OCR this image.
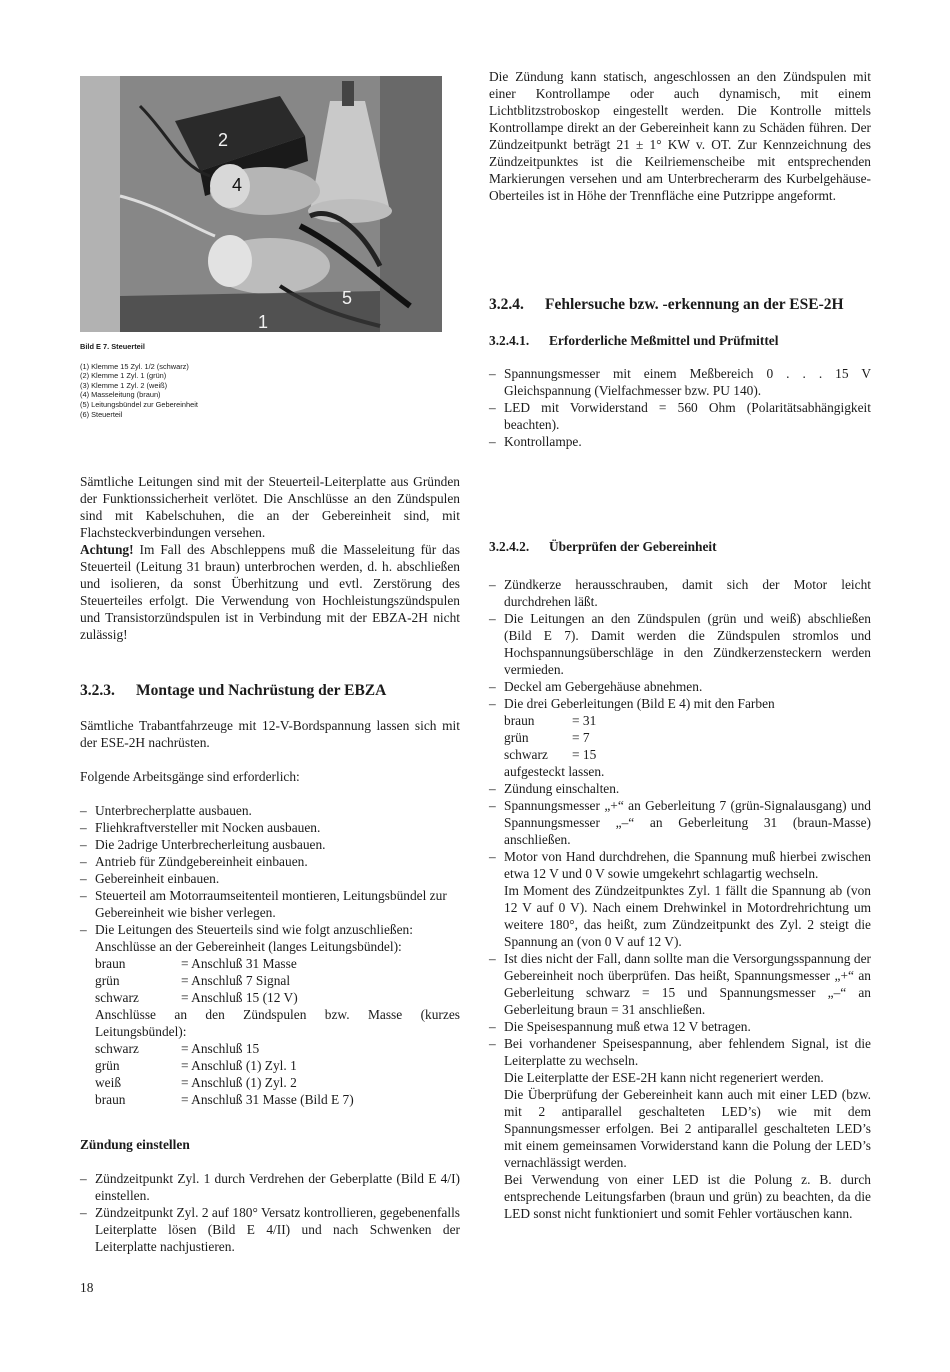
2
4
5
1
Bild E 7. Steuerteil
(1) Klemme 15 Zyl. 1/2 (schwarz)
(2) Klemme 1 Zyl. 1 (grün)
(3) Klemme 1 Zyl. 2 (weiß)
(4) Masseleitung (braun)
(5) Leitungsbündel zur Gebereinheit
(6) Steuerteil

Sämtliche Leitungen sind mit der Steuerteil-Leiterplatte aus Gründen der Funktionssicherheit verlötet. Die Anschlüsse an den Zündspulen sind mit Kabelschuhen, die an der Gebereinheit sind, mit Flachsteckverbindungen versehen.

Achtung! Im Fall des Abschleppens muß die Masseleitung für das Steuerteil (Leitung 31 braun) unterbrochen werden, d. h. abschließen und isolieren, da sonst Überhitzung und evtl. Zerstörung des Steuerteiles erfolgt. Die Verwendung von Hochleistungszündspulen und Transistorzündspulen ist in Verbindung mit der EBZA-2H nicht zulässig!

3.2.3. Montage und Nachrüstung der EBZA

Sämtliche Trabantfahrzeuge mit 12-V-Bordspannung lassen sich mit der ESE-2H nachrüsten.

Folgende Arbeitsgänge sind erforderlich:

– Unterbrecherplatte ausbauen.
– Fliehkraftversteller mit Nocken ausbauen.
– Die 2adrige Unterbrecherleitung ausbauen.
– Antrieb für Zündgebereinheit einbauen.
– Gebereinheit einbauen.
– Steuerteil am Motorraumseitenteil montieren, Leitungsbündel zur Gebereinheit wie bisher verlegen.
– Die Leitungen des Steuerteils sind wie folgt anzuschließen:
Anschlüsse an der Gebereinheit (langes Leitungsbündel):
braun	= Anschluß 31 Masse
grün	= Anschluß 7 Signal
schwarz	= Anschluß 15 (12 V)
Anschlüsse an den Zündspulen bzw. Masse (kurzes Leitungsbündel):
schwarz	= Anschluß 15
grün	= Anschluß (1) Zyl. 1
weiß	= Anschluß (1) Zyl. 2
braun	= Anschluß 31 Masse (Bild E 7)
Zündung einstellen
– Zündzeitpunkt Zyl. 1 durch Verdrehen der Geberplatte (Bild E 4/I) einstellen.
– Zündzeitpunkt Zyl. 2 auf 180° Versatz kontrollieren, gegebenenfalls Leiterplatte lösen (Bild E 4/II) und nach Schwenken der Leiterplatte nachjustieren.
18

Die Zündung kann statisch, angeschlossen an den Zündspulen mit einer Kontrollampe oder auch dynamisch, mit einem Lichtblitzstroboskop eingestellt werden. Die Kontrolle mittels Kontrollampe direkt an der Gebereinheit kann zu Schäden führen. Der Zündzeitpunkt beträgt 21 ± 1° KW v. OT. Zur Kennzeichnung des Zündzeitpunktes ist die Keilriemenscheibe mit entsprechenden Markierungen versehen und am Unterbrecherarm des Kurbelgehäuse-Oberteiles ist in Höhe der Trennfläche eine Putzrippe angeformt.

3.2.4. Fehlersuche bzw. -erkennung an der ESE-2H
3.2.4.1. Erforderliche Meßmittel und Prüfmittel
– Spannungsmesser mit einem Meßbereich 0 . . . 15 V Gleichspannung (Vielfachmesser bzw. PU 140).
– LED mit Vorwiderstand = 560 Ohm (Polaritätsabhängigkeit beachten).
– Kontrollampe.
3.2.4.2. Überprüfen der Gebereinheit
– Zündkerze herausschrauben, damit sich der Motor leicht durchdrehen läßt.
– Die Leitungen an den Zündspulen (grün und weiß) abschließen (Bild E 7). Damit werden die Zündspulen stromlos und Hochspannungsüberschläge in den Zündkerzensteckern werden vermieden.
– Deckel am Gebergehäuse abnehmen.
– Die drei Geberleitungen (Bild E 4) mit den Farben
braun	= 31
grün	= 7
schwarz	= 15
aufgesteckt lassen.
– Zündung einschalten.
– Spannungsmesser „+“ an Geberleitung 7 (grün-Signalausgang) und Spannungsmesser „–“ an Geberleitung 31 (braun-Masse) anschließen.
– Motor von Hand durchdrehen, die Spannung muß hierbei zwischen etwa 12 V und 0 V sowie umgekehrt schlagartig wechseln.
Im Moment des Zündzeitpunktes Zyl. 1 fällt die Spannung ab (von 12 V auf 0 V). Nach einem Drehwinkel in Motordrehrichtung um weitere 180°, das heißt, zum Zündzeitpunkt des Zyl. 2 steigt die Spannung an (von 0 V auf 12 V).
– Ist dies nicht der Fall, dann sollte man die Versorgungsspannung der Gebereinheit noch überprüfen. Das heißt, Spannungsmesser „+“ an Geberleitung schwarz = 15 und Spannungsmesser „–“ an Geberleitung braun = 31 anschließen.
– Die Speisespannung muß etwa 12 V betragen.
– Bei vorhandener Speisespannung, aber fehlendem Signal, ist die Leiterplatte zu wechseln.
Die Leiterplatte der ESE-2H kann nicht regeneriert werden.
Die Überprüfung der Gebereinheit kann auch mit einer LED (bzw. mit 2 antiparallel geschalteten LED’s) wie mit dem Spannungsmesser erfolgen. Bei 2 antiparallel geschalteten LED’s mit einem gemeinsamen Vorwiderstand kann die Polung der LED’s vernachlässigt werden.
Bei Verwendung von einer LED ist die Polung z. B. durch entsprechende Leitungsfarben (braun und grün) zu beachten, da die LED sonst nicht funktioniert und somit Fehler vortäuschen kann.
